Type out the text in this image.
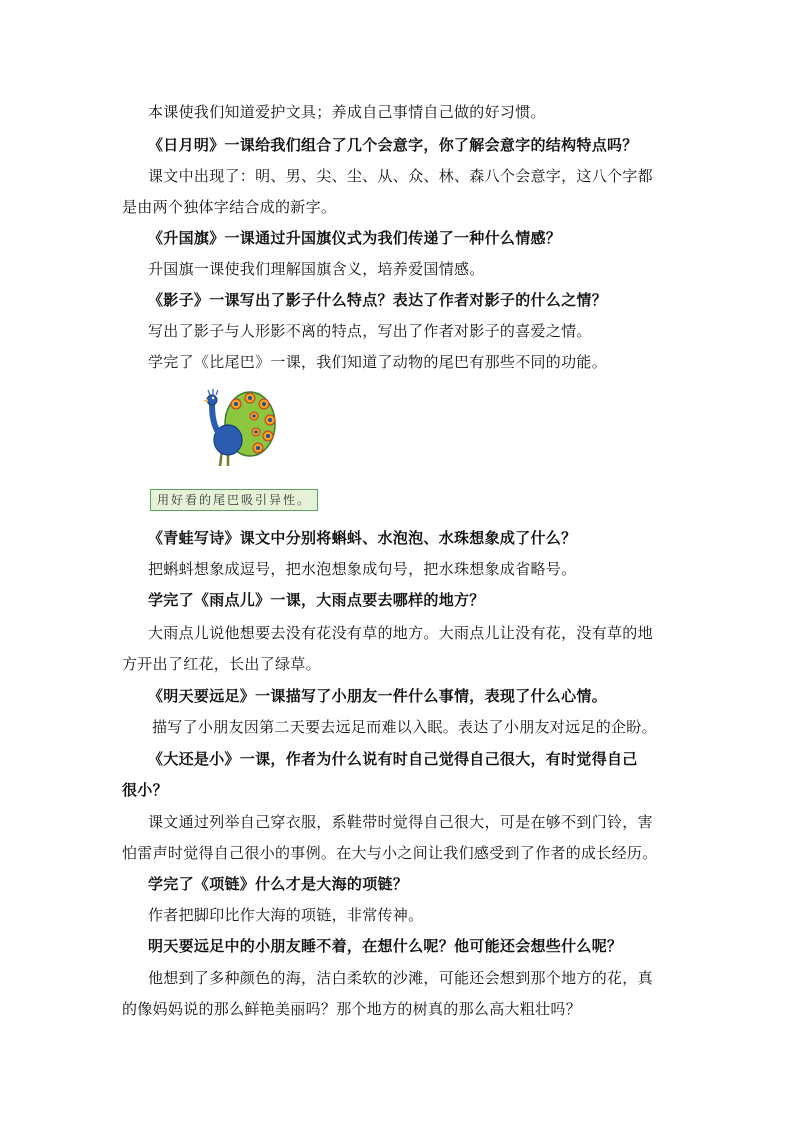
本课使我们知道爱护文具；养成自己事情自己做的好习惯。
《日月明》一课给我们组合了几个会意字，你了解会意字的结构特点吗？
课文中出现了：明、男、尖、尘、从、众、林、森八个会意字，这八个字都
是由两个独体字结合成的新字。
《升国旗》一课通过升国旗仪式为我们传递了一种什么情感？
升国旗一课使我们理解国旗含义，培养爱国情感。
《影子》一课写出了影子什么特点？表达了作者对影子的什么之情？
写出了影子与人形影不离的特点，写出了作者对影子的喜爱之情。
学完了《比尾巴》一课，我们知道了动物的尾巴有那些不同的功能。
用好看的尾巴吸引异性。
《青蛙写诗》课文中分别将蝌蚪、水泡泡、水珠想象成了什么？
把蝌蚪想象成逗号，把水泡想象成句号，把水珠想象成省略号。
学完了《雨点儿》一课，大雨点要去哪样的地方？
大雨点儿说他想要去没有花没有草的地方。大雨点儿让没有花，没有草的地
方开出了红花，长出了绿草。
《明天要远足》一课描写了小朋友一件什么事情，表现了什么心情。
描写了小朋友因第二天要去远足而难以入眠。表达了小朋友对远足的企盼。
《大还是小》一课，作者为什么说有时自己觉得自己很大，有时觉得自己
很小？
课文通过列举自己穿衣服，系鞋带时觉得自己很大，可是在够不到门铃，害
怕雷声时觉得自己很小的事例。在大与小之间让我们感受到了作者的成长经历。
学完了《项链》什么才是大海的项链？
作者把脚印比作大海的项链，非常传神。
明天要远足中的小朋友睡不着，在想什么呢？他可能还会想些什么呢？
他想到了多种颜色的海，洁白柔软的沙滩，可能还会想到那个地方的花，真
的像妈妈说的那么鲜艳美丽吗？那个地方的树真的那么高大粗壮吗？
